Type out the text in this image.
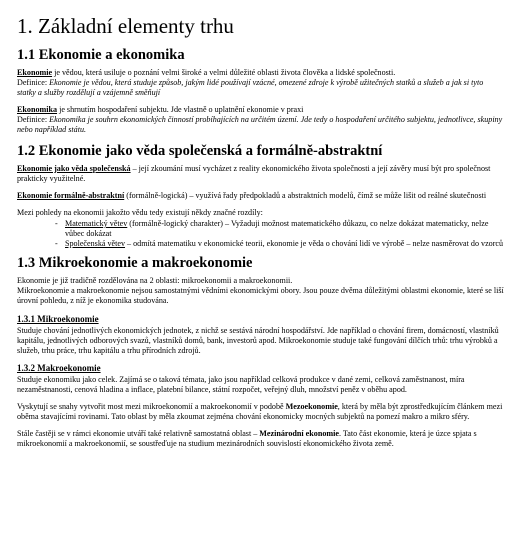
1. Základní elementy trhu
1.1 Ekonomie a ekonomika

Ekonomie je vědou, která usiluje o poznání velmi široké a velmi důležité oblasti života člověka a lidské společnosti.
Definice: Ekonomie je vědou, která studuje způsob, jakým lidé používají vzácné, omezené zdroje k výrobě užitečných statků a služeb a jak si tyto statky a služby rozdělují a vzájemně směňují

Ekonomika je shrnutím hospodaření subjektu. Jde vlastně o uplatnění ekonomie v praxi
Definice: Ekonomika je souhrn ekonomických činností probíhajících na určitém území. Jde tedy o hospodaření určitého subjektu, jednotlivce, skupiny nebo například státu.

1.2 Ekonomie jako věda společenská a formálně-abstraktní

Ekonomie jako věda společenská – její zkoumání musí vycházet z reality ekonomického života společnosti a její závěry musí být pro společnost prakticky využitelné.

Ekonomie formálně-abstraktní (formálně-logická) – využívá řady předpokladů a abstraktních modelů, čímž se může lišit od reálné skutečnosti

Mezi pohledy na ekonomii jakožto vědu tedy existují někdy značné rozdíly:

- Matematický větev (formálně-logický charakter) – Vyžaduji možnost matematického důkazu, co nelze dokázat matematicky, nelze vůbec dokázat
- Společenská větev – odmítá matematiku v ekonomické teorii, ekonomie je věda o chování lidí ve výrobě – nelze nasměrovat do vzorců
1.3 Mikroekonomie a makroekonomie

Ekonomie je již tradičně rozdělována na 2 oblasti: mikroekonomii a makroekonomii.
Mikroekonomie a makroekonomie nejsou samostatnými vědními ekonomickými obory. Jsou pouze dvěma důležitými oblastmi ekonomie, které se liší úrovní pohledu, z níž je ekonomika studována.

1.3.1 Mikroekonomie

Studuje chování jednotlivých ekonomických jednotek, z nichž se sestává národní hospodářství. Jde například o chování firem, domácností, vlastníků kapitálu, jednotlivých odborových svazů, vlastníků domů, bank, investorů apod. Mikroekonomie studuje také fungování dílčích trhů: trhu výrobků a služeb, trhu práce, trhu kapitálu a trhu přírodních zdrojů.

1.3.2 Makroekonomie

Studuje ekonomiku jako celek. Zajímá se o taková témata, jako jsou například celková produkce v dané zemi, celková zaměstnanost, míra nezaměstnanosti, cenová hladina a inflace, platební bilance, státní rozpočet, veřejný dluh, množství peněz v oběhu apod.

Vyskytují se snahy vytvořit most mezi mikroekonomií a makroekonomií v podobě Mezoekonomie, která by měla být zprostředkujícím článkem mezi oběma stavajícími rovinami. Tato oblast by měla zkoumat zejména chování ekonomicky mocných subjektů na pomezí makro a mikro sféry.

Stále častěji se v rámci ekonomie utváří také relativně samostatná oblast – Mezinárodní ekonomie. Tato část ekonomie, která je úzce spjata s mikroekonomií a makroekonomií, se soustřeďuje na studium mezinárodních souvislostí ekonomického života země.
